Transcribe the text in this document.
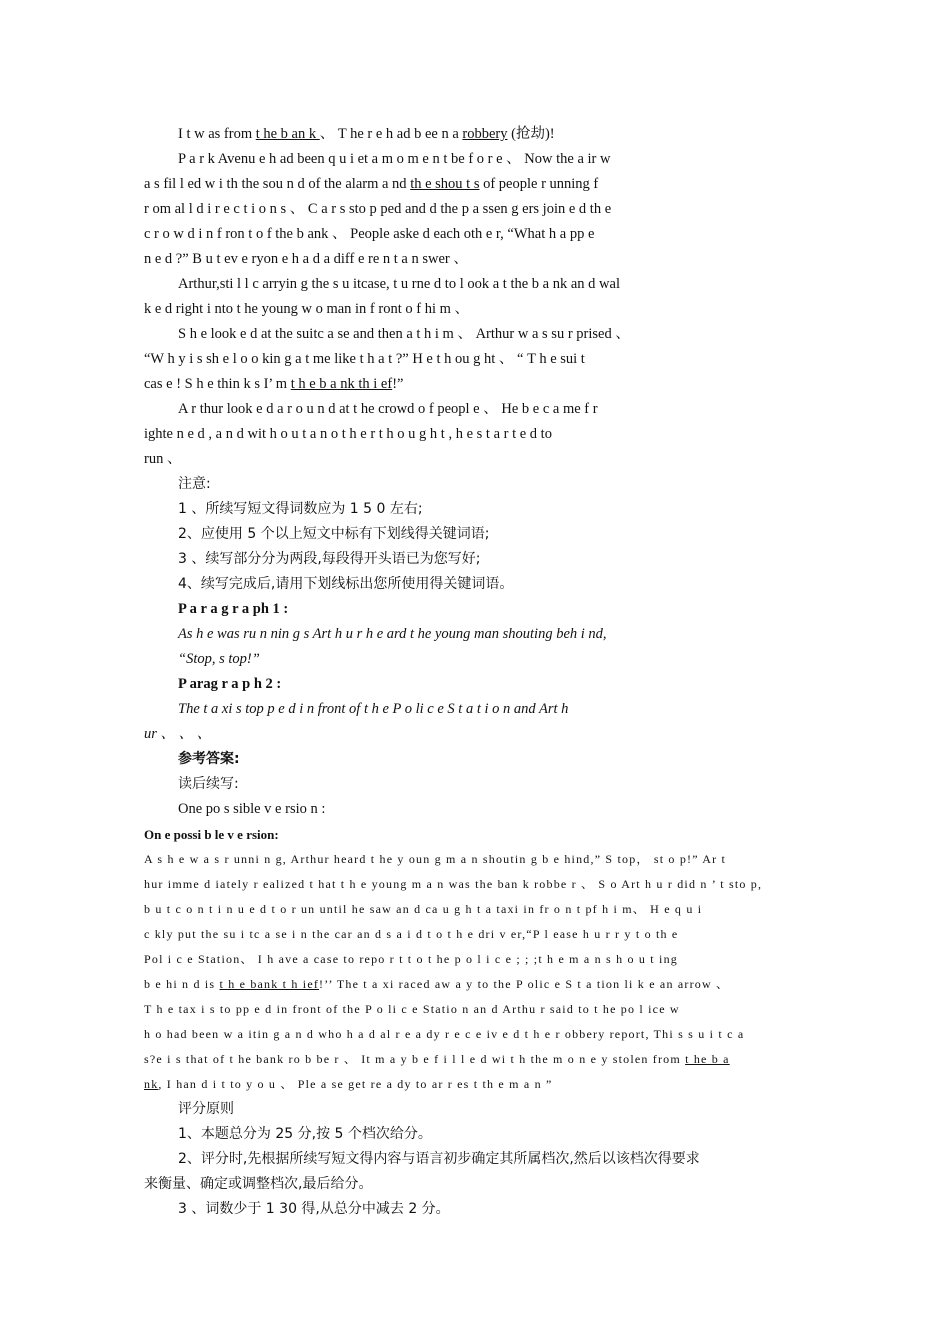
I t w as from t he b an k 、 T he r e h ad b ee n a robbery (抢劫)!
P a r k Avenu e h ad been q u i et a m o m e n t be f o r e 、 Now the a ir w
a s fil l ed w i th the sou n d of the alarm a nd th e shou t s of people r unning f
r om al l d i r e c t i o n s 、 C a r s sto p ped and d the p a ssen g ers join e d th e
c r o w d i n f ron t o f the b ank 、 People aske d each oth e r, “What h a pp e
n e d ?” B u t ev e ryon e h a d a diff e re n t a n swer 、
Arthur,sti l l c arryin g the s u itcase, t u rne d to l ook a t the b a nk an d wal
k e d right i nto t he young w o man in f ront o f hi m 、
S h e look e d at the suitc a se and then a t h i m 、 Arthur w a s su r prised 、
“W h y i s sh e l o o kin g a t me like t h a t ?” H e t h ou g ht 、 “ T h e sui t
cas e ! S h e thin k s I’ m t h e b a nk th i ef!”
A r thur look e d a r o u n d at t he crowd o f peopl e 、 He b e c a me f r
ighte n e d , a n d wit h o u t a n o t h e r t h o u g h t , h e s t a r t e d to
run 、
注意:
1 、所续写短文得词数应为 1 5 0 左右;
2、应使用 5 个以上短文中标有下划线得关键词语;
3 、续写部分分为两段,每段得开头语已为您写好;
4、续写完成后,请用下划线标出您所使用得关键词语。
P a r a g r a ph 1 :
As h e was ru n nin g s Art h u r h e ard t he young man shouting beh i nd,
“Stop, s top!”
P arag r a p h 2 :
The t a xi s top p e d i n front of t h e P o li c e S t a t i o n and Art h
ur 、 、 、
参考答案:
读后续写:
One po s sible v e rsio n :
On e possi b le v e rsion:
A s h e w a s r unni n g, Arthur heard t he y oun g m a n shoutin g b e hind,” S top， st o p!” Ar t
hur imme d iately r ealized t hat t h e young m a n was the ban k robbe r 、 S o Art h u r did n ’ t sto p,
b u t c o n t i n u e d t o r un until he saw an d ca u g h t a taxi in fr o n t pf h i m、 H e q u i
c kly put the su i tc a se i n the car an d s a i d t o t h e dri v er,“P l ease h u r r y t o th e
Pol i c e Station、 I h ave a case to repo r t t o t he p o l i c e ; ; ;t h e m a n s h o u t ing
b e hi n d is t h e bank t h ief!’’ The t a xi raced aw a y to the P olic e S t a tion li k e an arrow 、
T h e tax i s to pp e d in front of the P o li c e Statio n an d Arthu r said to t he po l ice w
h o had been w a itin g a n d who h a d al r e a dy r e c e iv e d t h e r obbery report, Thi s s u i t c a
s?e i s that of t he bank ro b be r 、 It m a y b e f i l l e d wi t h the m o n e y stolen from t he b a
nk, I han d i t to y o u 、 Ple a se get re a dy to ar r es t th e m a n ”
评分原则
1、本题总分为 25 分,按 5 个档次给分。
2、评分时,先根据所续写短文得内容与语言初步确定其所属档次,然后以该档次得要求
来衡量、确定或调整档次,最后给分。
3 、词数少于 1 30 得,从总分中减去 2 分。
